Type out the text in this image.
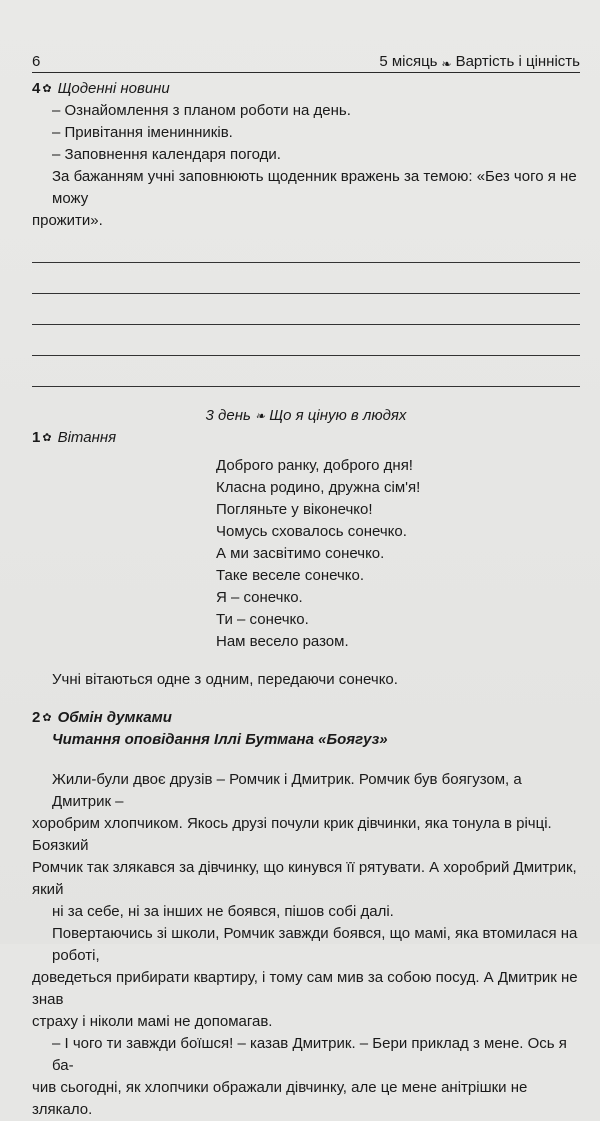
6	5 місяць ❧ Вартість і цінність
4 ✿ Щоденні новини
– Ознайомлення з планом роботи на день.
– Привітання іменинників.
– Заповнення календаря погоди.
За бажанням учні заповнюють щоденник вражень за темою: «Без чого я не можу
прожити».
3 день ❧ Що я ціную в людях
1 ✿ Вітання
Доброго ранку, доброго дня!
Класна родино, дружна сім'я!
Погляньте у віконечко!
Чомусь сховалось сонечко.
А ми засвітимо сонечко.
Таке веселе сонечко.
Я – сонечко.
Ти – сонечко.
Нам весело разом.
Учні вітаються одне з одним, передаючи сонечко.
2 ✿ Обмін думками
Читання оповідання Іллі Бутмана «Боягуз»
Жили-були двоє друзів – Ромчик і Дмитрик. Ромчик був боягузом, а Дмитрик –
хоробрим хлопчиком. Якось друзі почули крик дівчинки, яка тонула в річці. Боязкий
Ромчик так злякався за дівчинку, що кинувся її рятувати. А хоробрий Дмитрик, який
ні за себе, ні за інших не боявся, пішов собі далі.
Повертаючись зі школи, Ромчик завжди боявся, що мамі, яка втомилася на роботі,
доведеться прибирати квартиру, і тому сам мив за собою посуд. А Дмитрик не знав
страху і ніколи мамі не допомагав.
– І чого ти завжди боїшся! – казав Дмитрик. – Бери приклад з мене. Ось я ба-
чив сьогодні, як хлопчики ображали дівчинку, але це мене анітрішки не злякало.
